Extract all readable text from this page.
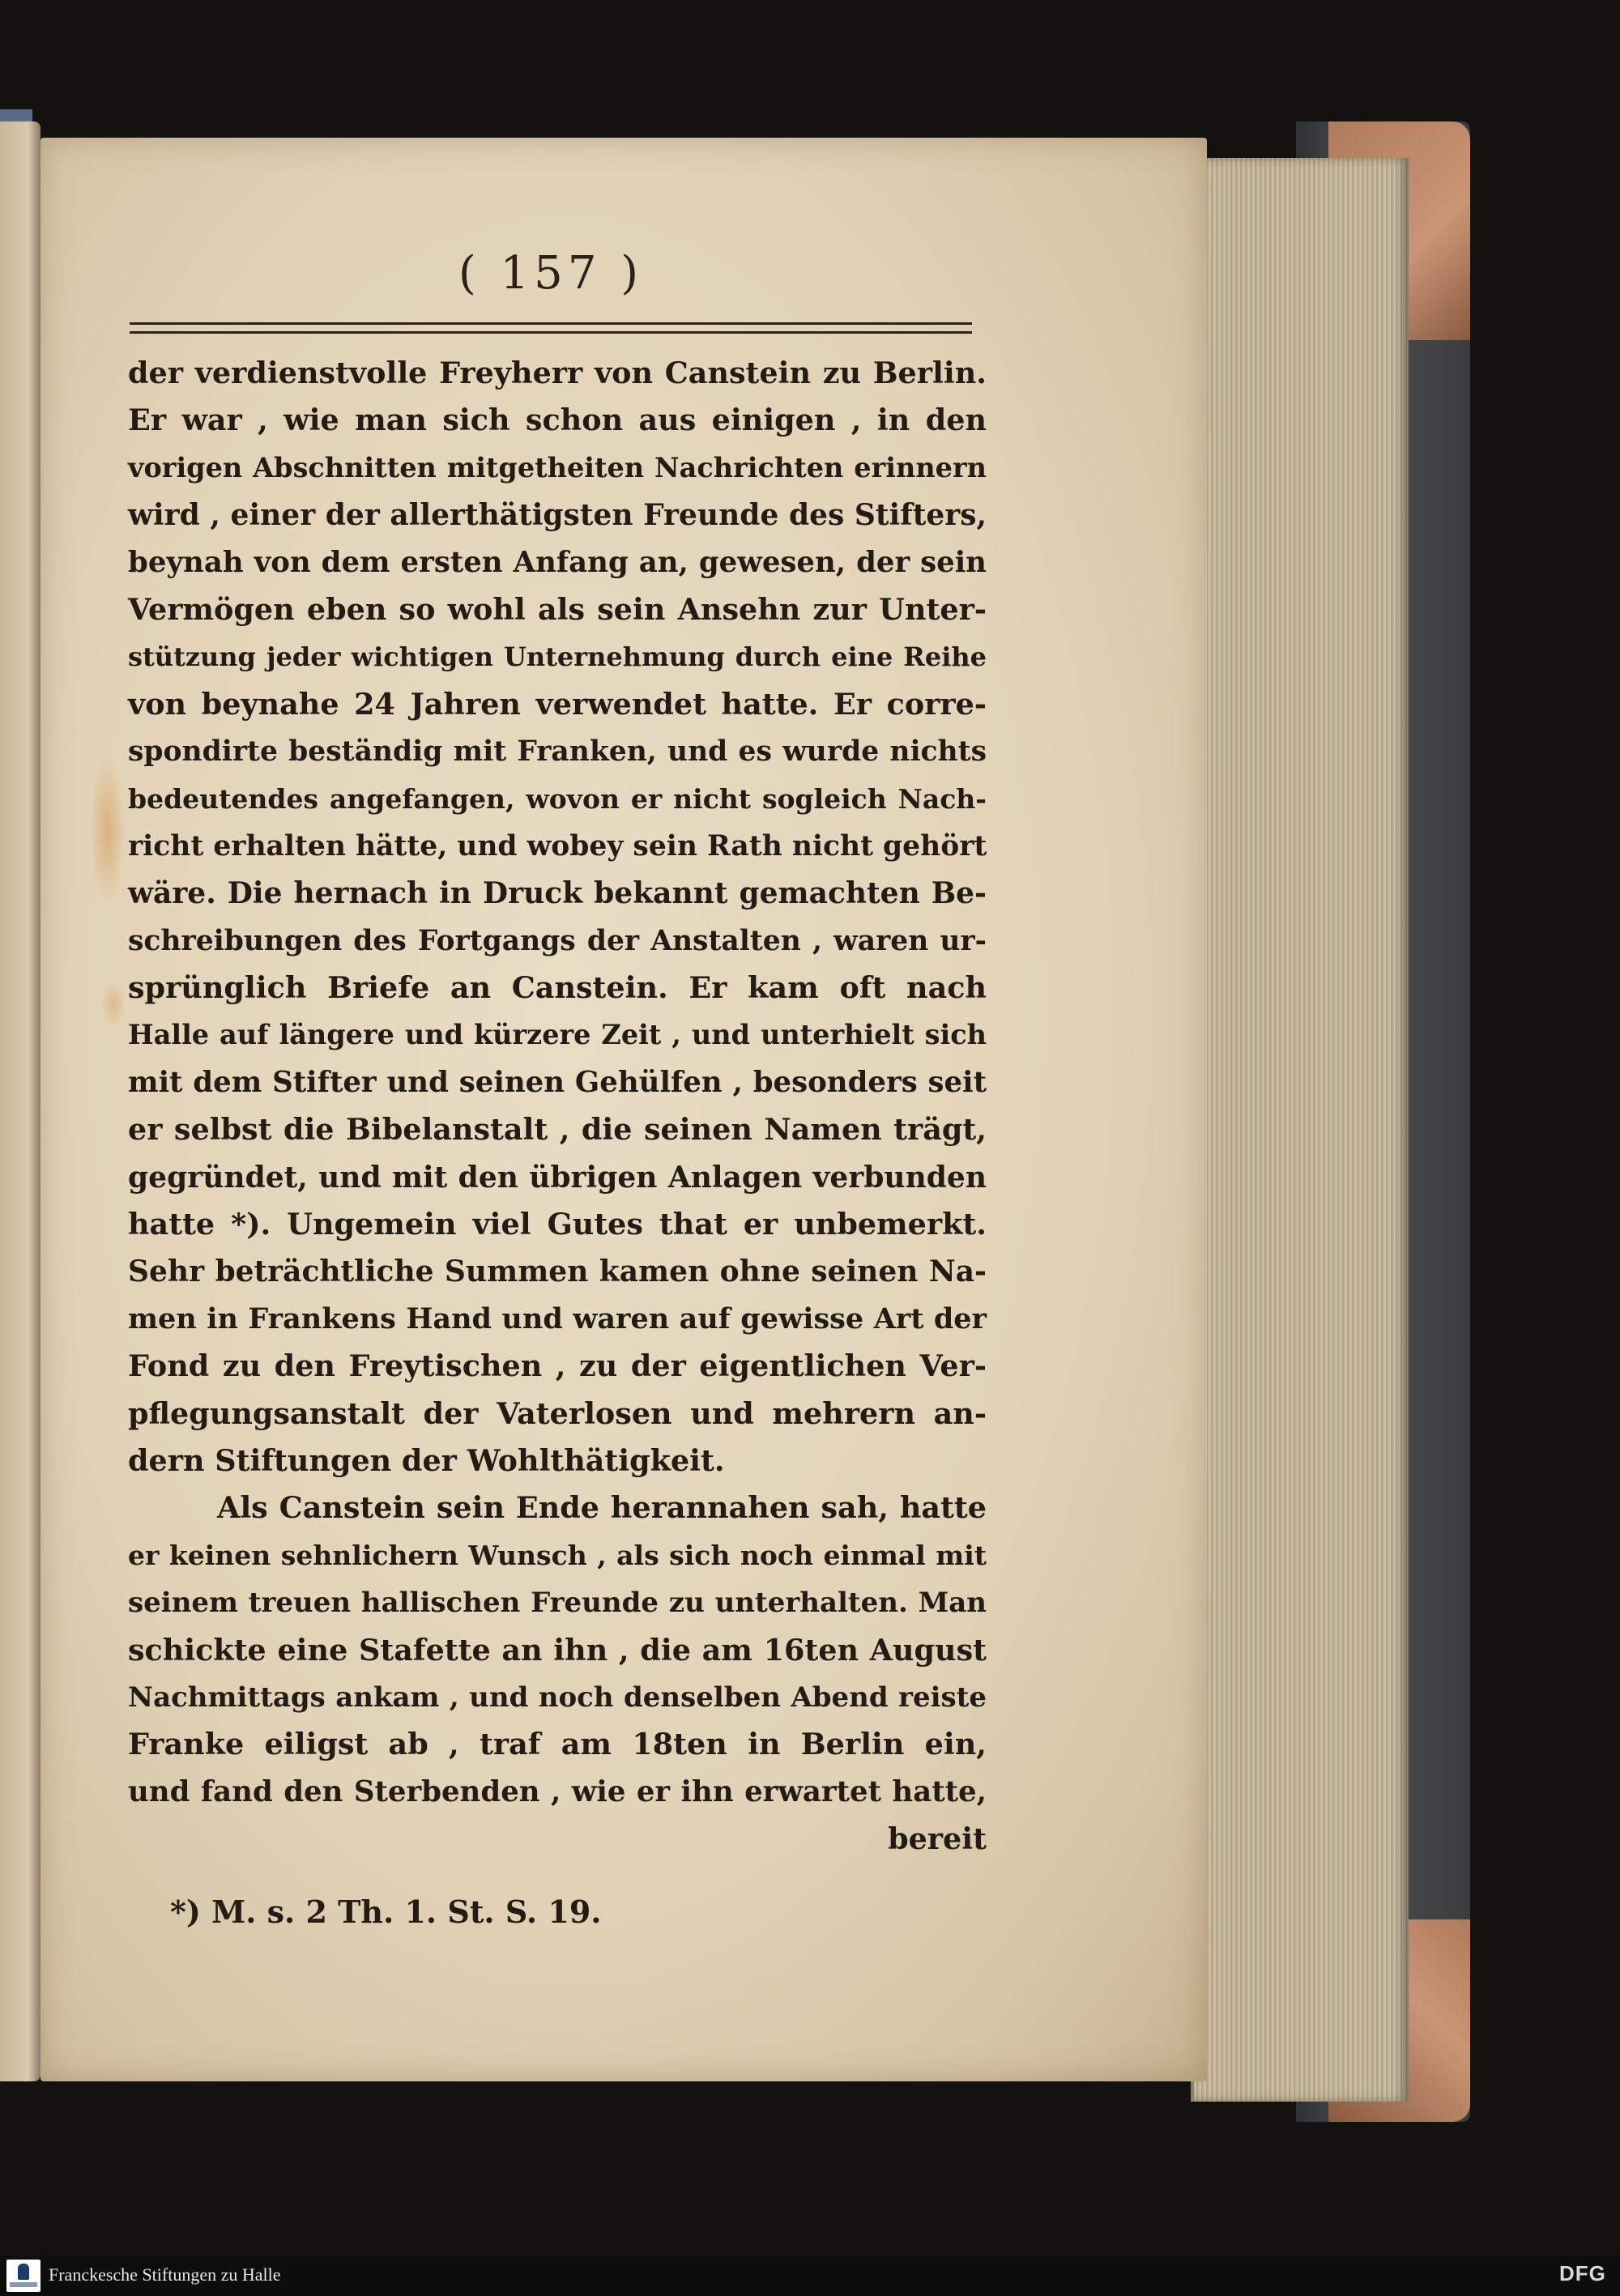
( 157 )
der verdienstvolle Freyherr von Canstein zu Berlin.
Er war , wie man sich schon aus einigen , in den
vorigen Abschnitten mitgetheiten Nachrichten erinnern
wird , einer der allerthätigsten Freunde des Stifters,
beynah von dem ersten Anfang an, gewesen, der sein
Vermögen eben so wohl als sein Ansehn zur Unter-
stützung jeder wichtigen Unternehmung durch eine Reihe
von beynahe 24 Jahren verwendet hatte. Er corre-
spondirte beständig mit Franken, und es wurde nichts
bedeutendes angefangen, wovon er nicht sogleich Nach-
richt erhalten hätte, und wobey sein Rath nicht gehört
wäre. Die hernach in Druck bekannt gemachten Be-
schreibungen des Fortgangs der Anstalten , waren ur-
sprünglich Briefe an Canstein. Er kam oft nach
Halle auf längere und kürzere Zeit , und unterhielt sich
mit dem Stifter und seinen Gehülfen , besonders seit
er selbst die Bibelanstalt , die seinen Namen trägt,
gegründet, und mit den übrigen Anlagen verbunden
hatte *). Ungemein viel Gutes that er unbemerkt.
Sehr beträchtliche Summen kamen ohne seinen Na-
men in Frankens Hand und waren auf gewisse Art der
Fond zu den Freytischen , zu der eigentlichen Ver-
pflegungsanstalt der Vaterlosen und mehrern an-
dern Stiftungen der Wohlthätigkeit.
Als Canstein sein Ende herannahen sah, hatte
er keinen sehnlichern Wunsch , als sich noch einmal mit
seinem treuen hallischen Freunde zu unterhalten. Man
schickte eine Stafette an ihn , die am 16ten August
Nachmittags ankam , und noch denselben Abend reiste
Franke eiligst ab , traf am 18ten in Berlin ein,
und fand den Sterbenden , wie er ihn erwartet hatte,
bereit
*) M. s. 2 Th. 1. St. S. 19.
Franckesche Stiftungen zu Halle	DFG
